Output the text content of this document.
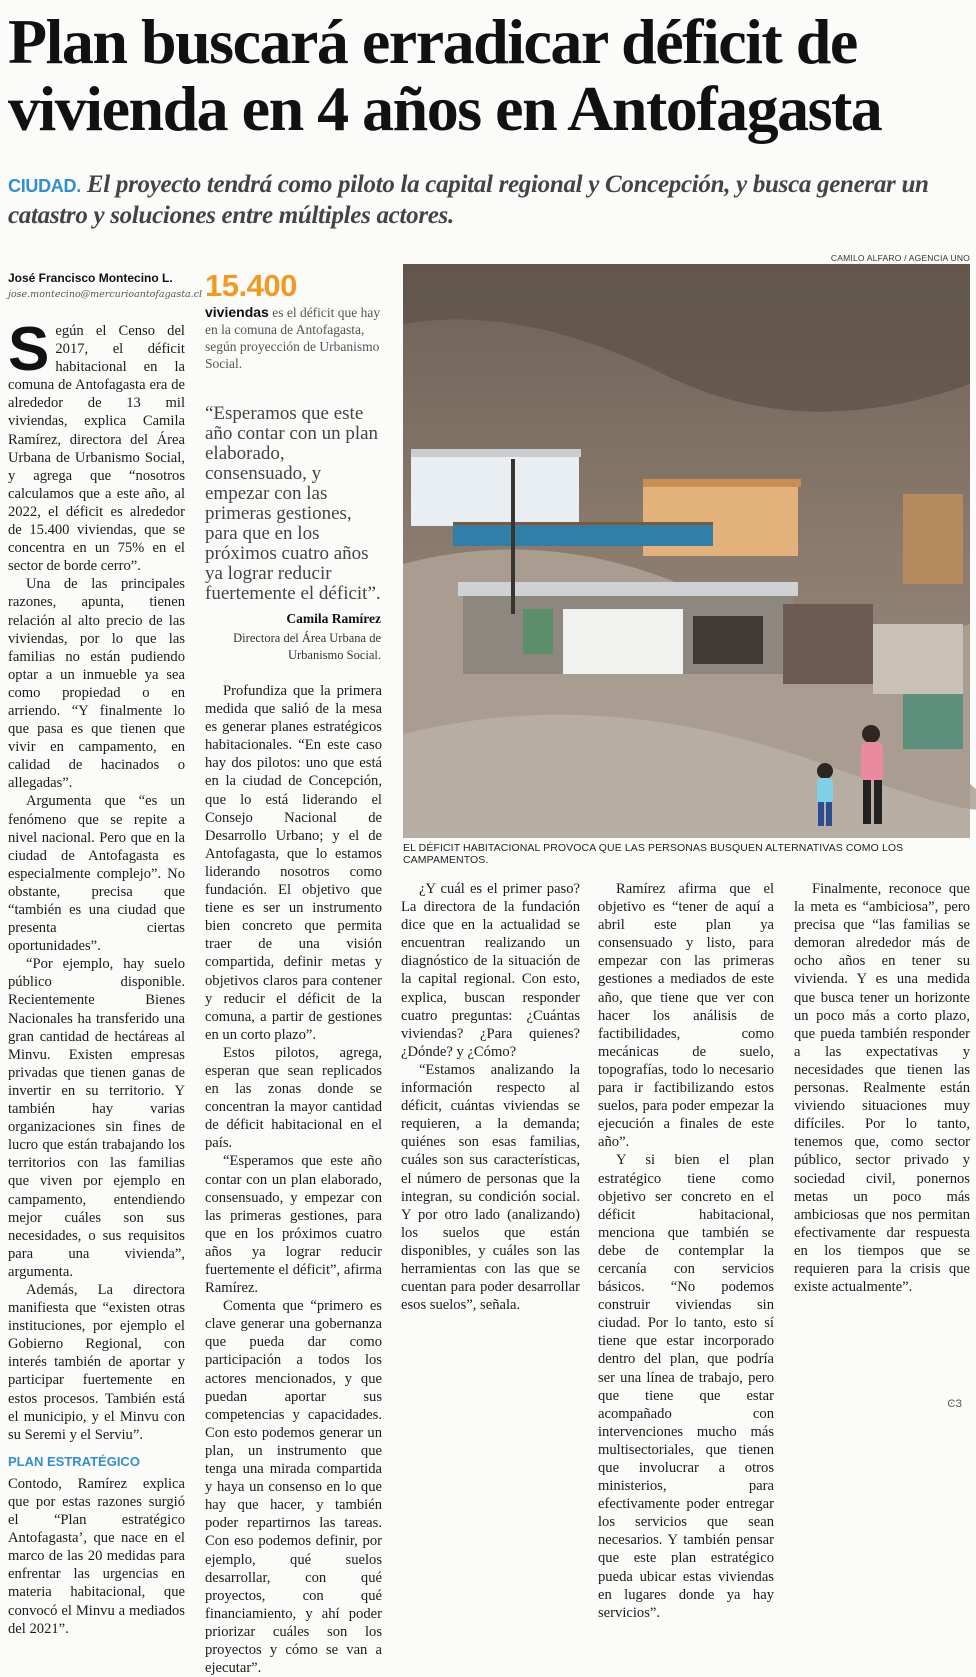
Plan buscará erradicar déficit de vivienda en 4 años en Antofagasta
CIUDAD. El proyecto tendrá como piloto la capital regional y Concepción, y busca generar un catastro y soluciones entre múltiples actores.
CAMILO ALFARO / AGENCIA UNO
EL DÉFICIT HABITACIONAL PROVOCA QUE LAS PERSONAS BUSQUEN ALTERNATIVAS COMO LOS CAMPAMENTOS.
José Francisco Montecino L.
jose.montecino@mercurioantofagasta.cl 15.400
viviendas es el déficit que hay en la comuna de Antofagasta, según proyección de Urbanismo Social.
“Esperamos que este año contar con un plan elaborado, consensuado, y empezar con las primeras gestiones, para que en los próximos cuatro años ya lograr reducir fuertemente el déficit”.
Camila Ramírez
Directora del Área Urbana de Urbanismo Social.

Según el Censo del 2017, el déficit habitacional en la comuna de Antofagasta era de alrededor de 13 mil viviendas, explica Camila Ramírez, directora del Área Urbana de Urbanismo Social, y agrega que “nosotros calculamos que a este año, al 2022, el déficit es alrededor de 15.400 viviendas, que se concentra en un 75% en el sector de borde cerro”.

Una de las principales razones, apunta, tienen relación al alto precio de las viviendas, por lo que las familias no están pudiendo optar a un inmueble ya sea como propiedad o en arriendo. “Y finalmente lo que pasa es que tienen que vivir en campamento, en calidad de hacinados o allegadas”.

Argumenta que “es un fenómeno que se repite a nivel nacional. Pero que en la ciudad de Antofagasta es especialmente complejo”. No obstante, precisa que “también es una ciudad que presenta ciertas oportunidades”.

“Por ejemplo, hay suelo público disponible. Recientemente Bienes Nacionales ha transferido una gran cantidad de hectáreas al Minvu. Existen empresas privadas que tienen ganas de invertir en su territorio. Y también hay varias organizaciones sin fines de lucro que están trabajando los territorios con las familias que viven por ejemplo en campamento, entendiendo mejor cuáles son sus necesidades, o sus requisitos para una vivienda”, argumenta.

Además, La directora manifiesta que “existen otras instituciones, por ejemplo el Gobierno Regional, con interés también de aportar y participar fuertemente en estos procesos. También está el municipio, y el Minvu con su Seremi y el Serviu”.

PLAN ESTRATÉGICO

Contodo, Ramírez explica que por estas razones surgió el “Plan estratégico Antofagasta’, que nace en el marco de las 20 medidas para enfrentar las urgencias en materia habitacional, que convocó el Minvu a mediados del 2021”.

Profundiza que la primera medida que salió de la mesa es generar planes estratégicos habitacionales. “En este caso hay dos pilotos: uno que está en la ciudad de Concepción, que lo está liderando el Consejo Nacional de Desarrollo Urbano; y el de Antofagasta, que lo estamos liderando nosotros como fundación. El objetivo que tiene es ser un instrumento bien concreto que permita traer de una visión compartida, definir metas y objetivos claros para contener y reducir el déficit de la comuna, a partir de gestiones en un corto plazo”.

Estos pilotos, agrega, esperan que sean replicados en las zonas donde se concentran la mayor cantidad de déficit habitacional en el país.

“Esperamos que este año contar con un plan elaborado, consensuado, y empezar con las primeras gestiones, para que en los próximos cuatro años ya lograr reducir fuertemente el déficit”, afirma Ramírez.

Comenta que “primero es clave generar una gobernanza que pueda dar como participación a todos los actores mencionados, y que puedan aportar sus competencias y capacidades. Con esto podemos generar un plan, un instrumento que tenga una mirada compartida y haya un consenso en lo que hay que hacer, y también poder repartirnos las tareas. Con eso podemos definir, por ejemplo, qué suelos desarrollar, con qué proyectos, con qué financiamiento, y ahí poder priorizar cuáles son los proyectos y cómo se van a ejecutar”.

¿Y cuál es el primer paso? La directora de la fundación dice que en la actualidad se encuentran realizando un diagnóstico de la situación de la capital regional. Con esto, explica, buscan responder cuatro preguntas: ¿Cuántas viviendas? ¿Para quienes? ¿Dónde? y ¿Cómo?

“Estamos analizando la información respecto al déficit, cuántas viviendas se requieren, a la demanda; quiénes son esas familias, cuáles son sus características, el número de personas que la integran, su condición social. Y por otro lado (analizando) los suelos que están disponibles, y cuáles son las herramientas con las que se cuentan para poder desarrollar esos suelos”, señala.

Ramírez afirma que el objetivo es “tener de aquí a abril este plan ya consensuado y listo, para empezar con las primeras gestiones a mediados de este año, que tiene que ver con hacer los análisis de factibilidades, como mecánicas de suelo, topografías, todo lo necesario para ir factibilizando estos suelos, para poder empezar la ejecución a finales de este año”.

Y si bien el plan estratégico tiene como objetivo ser concreto en el déficit habitacional, menciona que también se debe de contemplar la cercanía con servicios básicos. “No podemos construir viviendas sin ciudad. Por lo tanto, esto sí tiene que estar incorporado dentro del plan, que podría ser una línea de trabajo, pero que tiene que estar acompañado con intervenciones mucho más multisectoriales, que tienen que involucrar a otros ministerios, para efectivamente poder entregar los servicios que sean necesarios. Y también pensar que este plan estratégico pueda ubicar estas viviendas en lugares donde ya hay servicios”.

Finalmente, reconoce que la meta es “ambiciosa”, pero precisa que “las familias se demoran alrededor más de ocho años en tener su vivienda. Y es una medida que busca tener un horizonte un poco más a corto plazo, que pueda también responder a las expectativas y necesidades que tienen las personas. Realmente están viviendo situaciones muy difíciles. Por lo tanto, tenemos que, como sector público, sector privado y sociedad civil, ponernos metas un poco más ambiciosas que nos permitan efectivamente dar respuesta en los tiempos que se requieren para la crisis que existe actualmente”.

ϾЗ
